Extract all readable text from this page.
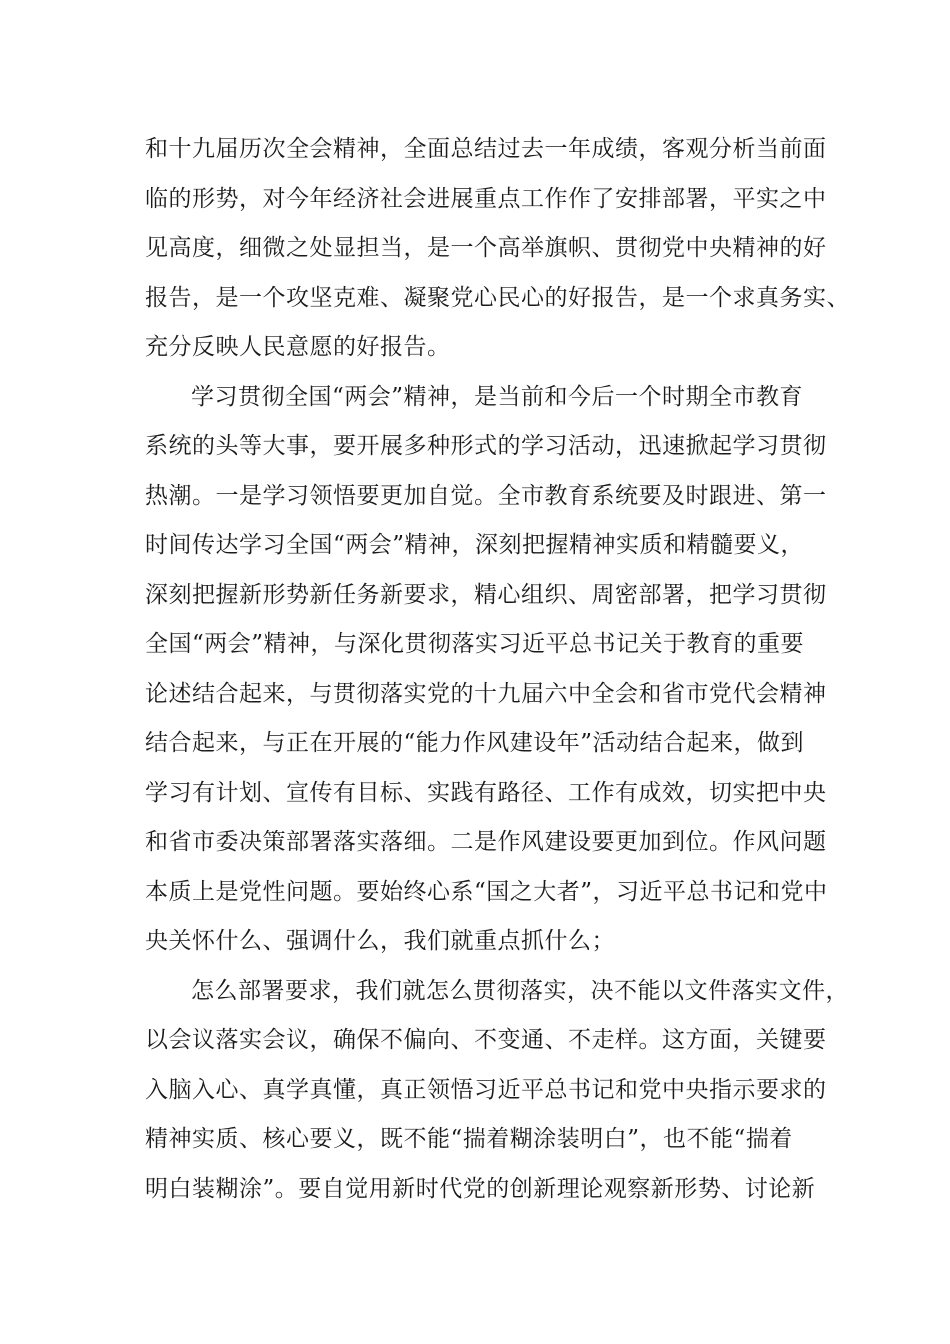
和十九届历次全会精神，全面总结过去一年成绩，客观分析当前面
临的形势，对今年经济社会进展重点工作作了安排部署，平实之中
见高度，细微之处显担当，是一个高举旗帜、贯彻党中央精神的好
报告，是一个攻坚克难、凝聚党心民心的好报告，是一个求真务实、
充分反映人民意愿的好报告。
学习贯彻全国“两会”精神，是当前和今后一个时期全市教育
系统的头等大事，要开展多种形式的学习活动，迅速掀起学习贯彻
热潮。一是学习领悟要更加自觉。全市教育系统要及时跟进、第一
时间传达学习全国“两会”精神，深刻把握精神实质和精髓要义，
深刻把握新形势新任务新要求，精心组织、周密部署，把学习贯彻
全国“两会”精神，与深化贯彻落实习近平总书记关于教育的重要
论述结合起来，与贯彻落实党的十九届六中全会和省市党代会精神
结合起来，与正在开展的“能力作风建设年”活动结合起来，做到
学习有计划、宣传有目标、实践有路径、工作有成效，切实把中央
和省市委决策部署落实落细。二是作风建设要更加到位。作风问题
本质上是党性问题。要始终心系“国之大者”，习近平总书记和党中
央关怀什么、强调什么，我们就重点抓什么；
怎么部署要求，我们就怎么贯彻落实，决不能以文件落实文件，
以会议落实会议，确保不偏向、不变通、不走样。这方面，关键要
入脑入心、真学真懂，真正领悟习近平总书记和党中央指示要求的
精神实质、核心要义，既不能“揣着糊涂装明白”，也不能“揣着
明白装糊涂”。要自觉用新时代党的创新理论观察新形势、讨论新
